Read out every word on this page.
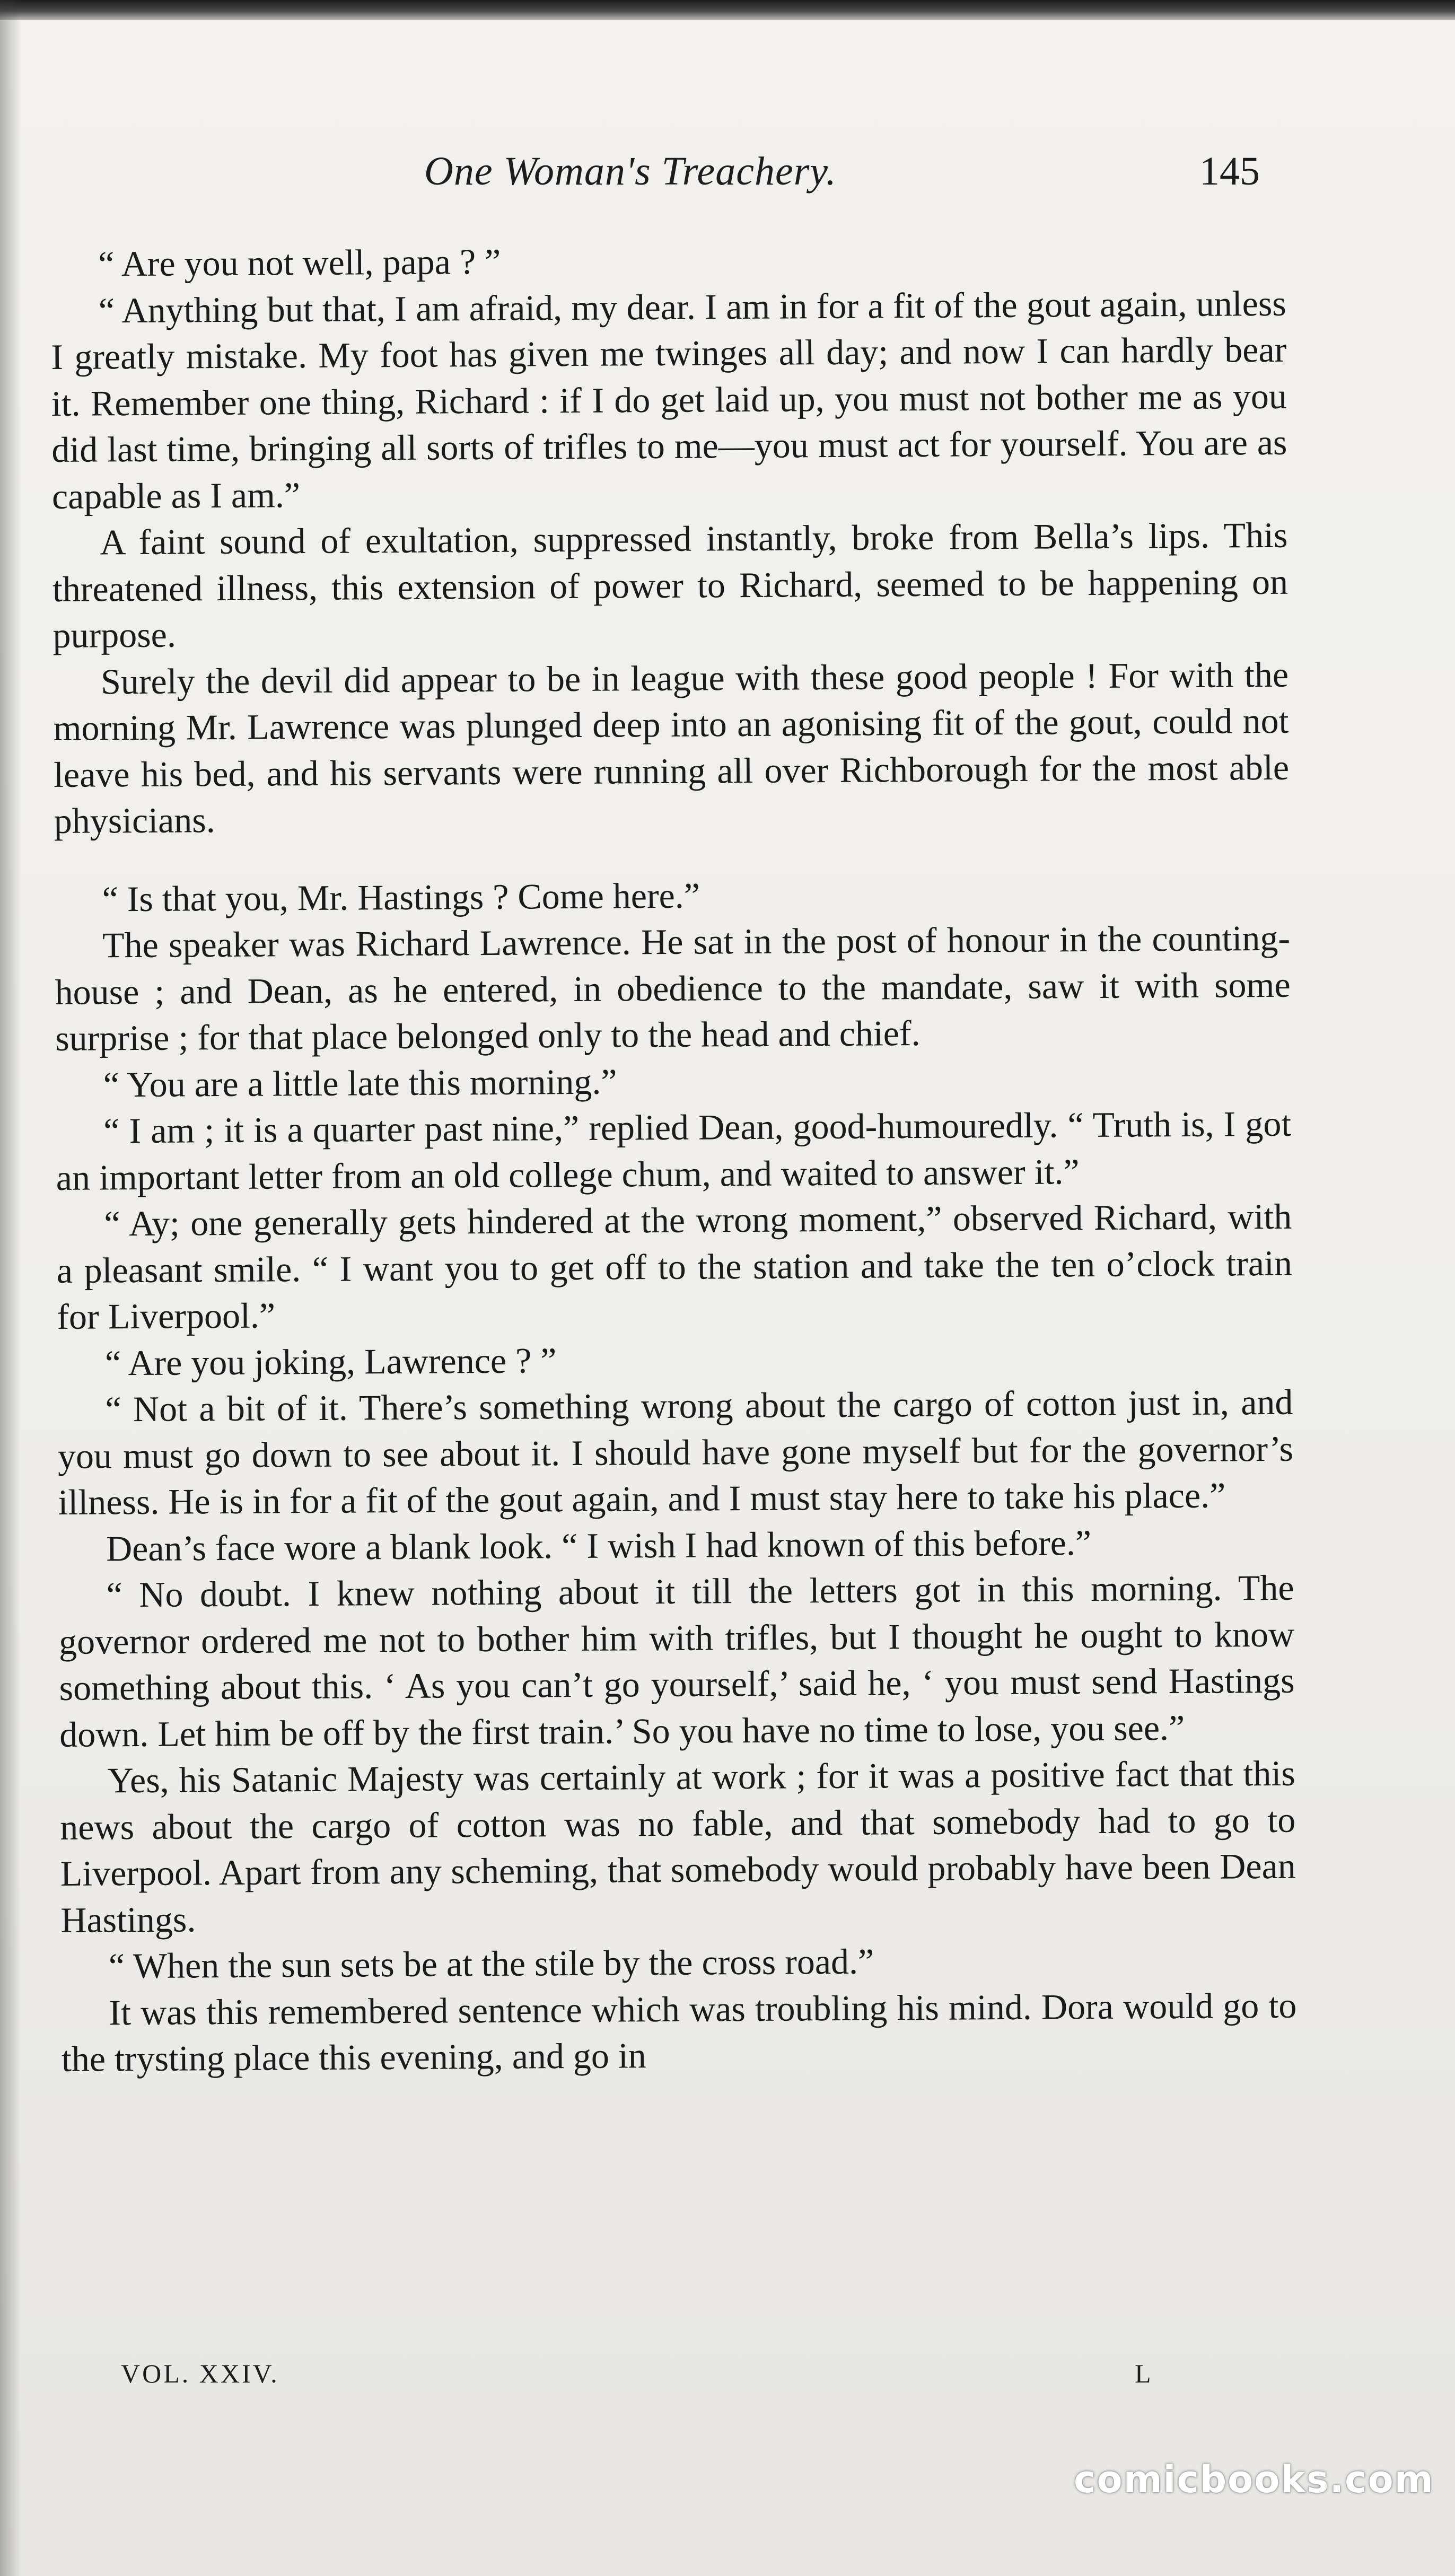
One Woman's Treachery.	145

“ Are you not well, papa ? ”

“ Anything but that, I am afraid, my dear. I am in for a fit of the gout again, unless I greatly mistake. My foot has given me twinges all day; and now I can hardly bear it. Remember one thing, Richard : if I do get laid up, you must not bother me as you did last time, bringing all sorts of trifles to me—you must act for yourself. You are as capable as I am.”

A faint sound of exultation, suppressed instantly, broke from Bella’s lips. This threatened illness, this extension of power to Richard, seemed to be happening on purpose.

Surely the devil did appear to be in league with these good people ! For with the morning Mr. Lawrence was plunged deep into an agonising fit of the gout, could not leave his bed, and his servants were running all over Richborough for the most able physicians.

“ Is that you, Mr. Hastings ? Come here.”

The speaker was Richard Lawrence. He sat in the post of honour in the counting-house ; and Dean, as he entered, in obedience to the mandate, saw it with some surprise ; for that place belonged only to the head and chief.

“ You are a little late this morning.”

“ I am ; it is a quarter past nine,” replied Dean, good-humouredly. “ Truth is, I got an important letter from an old college chum, and waited to answer it.”

“ Ay; one generally gets hindered at the wrong moment,” observed Richard, with a pleasant smile. “ I want you to get off to the station and take the ten o’clock train for Liverpool.”

“ Are you joking, Lawrence ? ”

“ Not a bit of it. There’s something wrong about the cargo of cotton just in, and you must go down to see about it. I should have gone myself but for the governor’s illness. He is in for a fit of the gout again, and I must stay here to take his place.”

Dean’s face wore a blank look. “ I wish I had known of this before.”

“ No doubt. I knew nothing about it till the letters got in this morning. The governor ordered me not to bother him with trifles, but I thought he ought to know something about this. ‘ As you can’t go yourself,’ said he, ‘ you must send Hastings down. Let him be off by the first train.’ So you have no time to lose, you see.”

Yes, his Satanic Majesty was certainly at work ; for it was a positive fact that this news about the cargo of cotton was no fable, and that somebody had to go to Liverpool. Apart from any scheming, that somebody would probably have been Dean Hastings.

“ When the sun sets be at the stile by the cross road.”

It was this remembered sentence which was troubling his mind. Dora would go to the trysting place this evening, and go in

VOL. XXIV.	L
comicbooks.com
